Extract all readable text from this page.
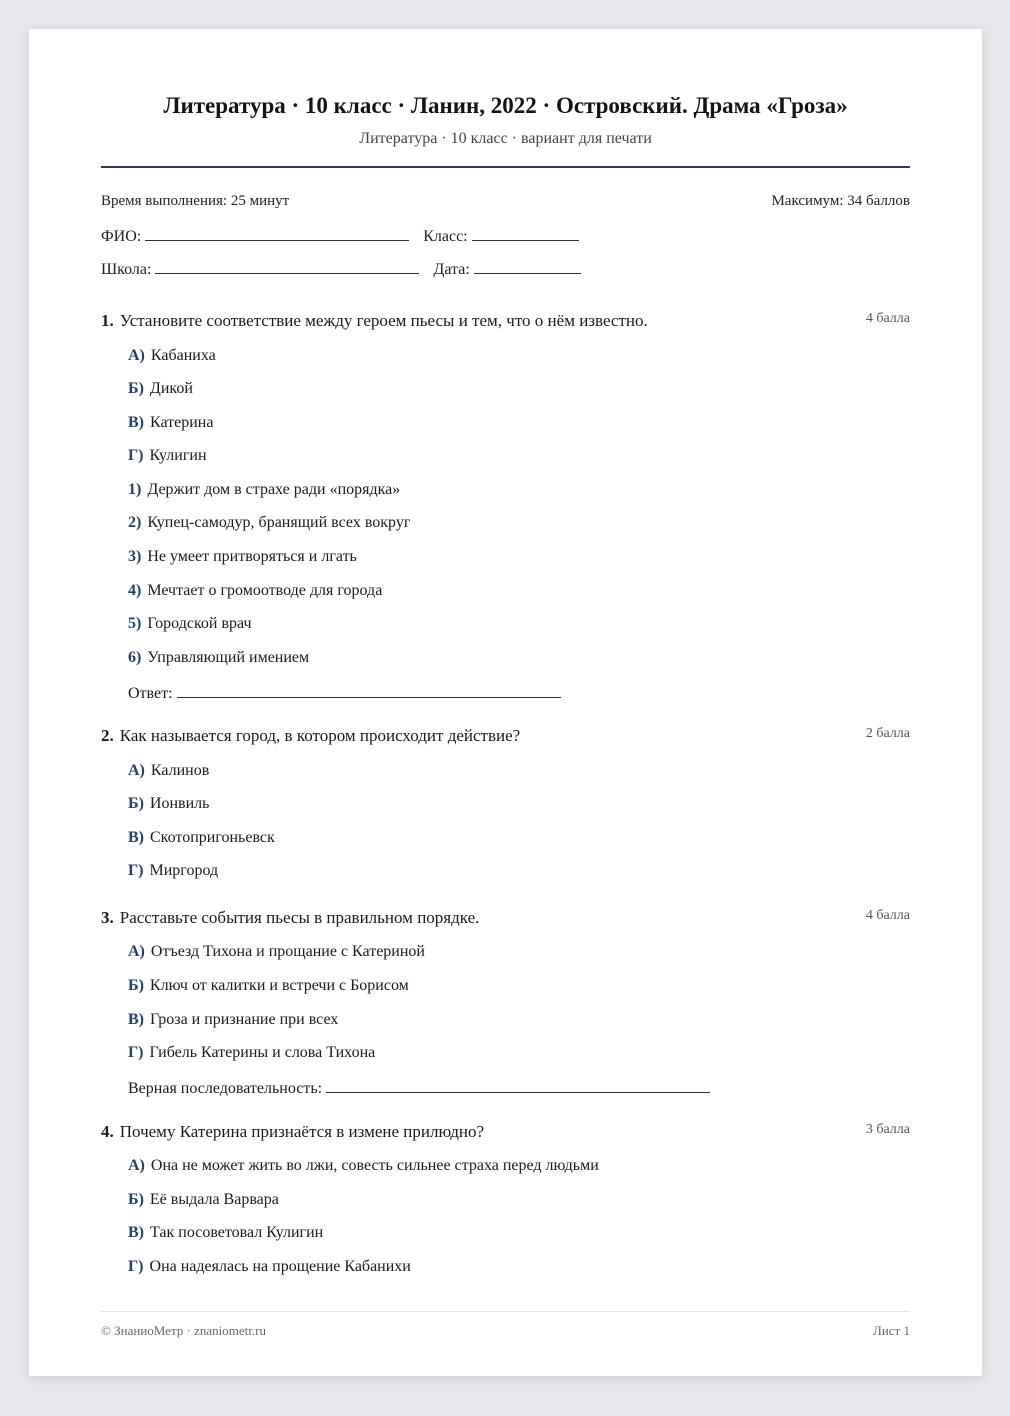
Литература · 10 класс · Ланин, 2022 · Островский. Драма «Гроза»
Литература · 10 класс · вариант для печати
Время выполнения: 25 минут	Максимум: 34 баллов
ФИО:	Класс:
Школа:	Дата:
1. Установите соответствие между героем пьесы и тем, что о нём известно.	4 балла
А) Кабаниха
Б) Дикой
В) Катерина
Г) Кулигин
1) Держит дом в страхе ради «порядка»
2) Купец-самодур, бранящий всех вокруг
3) Не умеет притворяться и лгать
4) Мечтает о громоотводе для города
5) Городской врач
6) Управляющий имением
Ответ:
2. Как называется город, в котором происходит действие?	2 балла
А) Калинов
Б) Ионвиль
В) Скотопригоньевск
Г) Миргород
3. Расставьте события пьесы в правильном порядке.	4 балла
А) Отъезд Тихона и прощание с Катериной
Б) Ключ от калитки и встречи с Борисом
В) Гроза и признание при всех
Г) Гибель Катерины и слова Тихона
Верная последовательность:
4. Почему Катерина признаётся в измене прилюдно?	3 балла
А) Она не может жить во лжи, совесть сильнее страха перед людьми
Б) Её выдала Варвара
В) Так посоветовал Кулигин
Г) Она надеялась на прощение Кабанихи
© ЗнаниоМетр · znaniometr.ru	Лист 1
